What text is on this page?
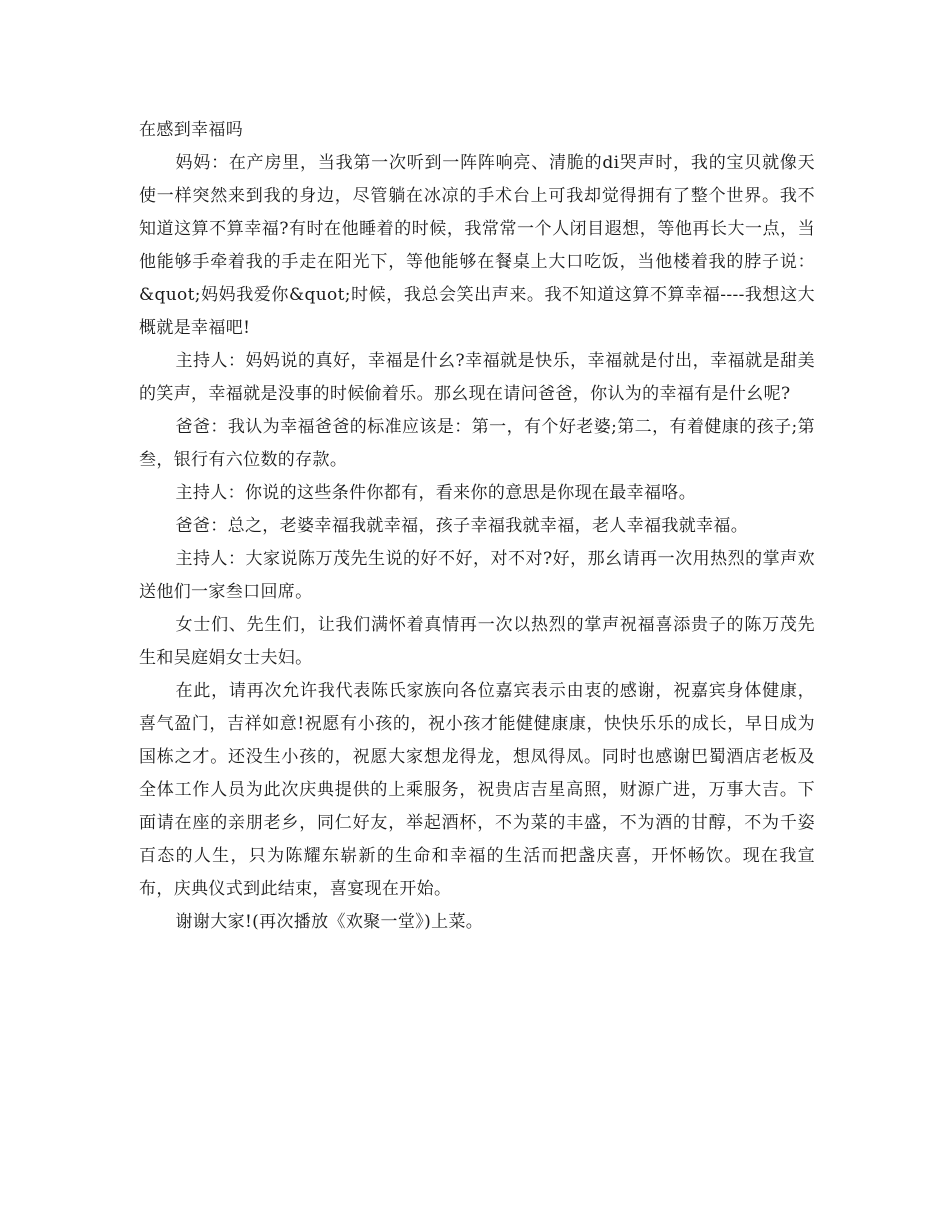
在感到幸福吗

妈妈：在产房里，当我第一次听到一阵阵响亮、清脆的di哭声时，我的宝贝就像天使一样突然来到我的身边，尽管躺在冰凉的手术台上可我却觉得拥有了整个世界。我不知道这算不算幸福?有时在他睡着的时候，我常常一个人闭目遐想，等他再长大一点，当他能够手牵着我的手走在阳光下，等他能够在餐桌上大口吃饭，当他楼着我的脖子说：&quot;妈妈我爱你&quot;时候，我总会笑出声来。我不知道这算不算幸福----我想这大概就是幸福吧!

主持人：妈妈说的真好，幸福是什幺?幸福就是快乐，幸福就是付出，幸福就是甜美的笑声，幸福就是没事的时候偷着乐。那幺现在请问爸爸，你认为的幸福有是什幺呢?

爸爸：我认为幸福爸爸的标准应该是：第一，有个好老婆;第二，有着健康的孩子;第叁，银行有六位数的存款。

主持人：你说的这些条件你都有，看来你的意思是你现在最幸福咯。

爸爸：总之，老婆幸福我就幸福，孩子幸福我就幸福，老人幸福我就幸福。

主持人：大家说陈万茂先生说的好不好，对不对?好，那幺请再一次用热烈的掌声欢送他们一家叁口回席。

女士们、先生们，让我们满怀着真情再一次以热烈的掌声祝福喜添贵子的陈万茂先生和吴庭娟女士夫妇。

在此，请再次允许我代表陈氏家族向各位嘉宾表示由衷的感谢，祝嘉宾身体健康，喜气盈门，吉祥如意!祝愿有小孩的，祝小孩才能健健康康，快快乐乐的成长，早日成为国栋之才。还没生小孩的，祝愿大家想龙得龙，想凤得凤。同时也感谢巴蜀酒店老板及全体工作人员为此次庆典提供的上乘服务，祝贵店吉星高照，财源广进，万事大吉。下面请在座的亲朋老乡，同仁好友，举起酒杯，不为菜的丰盛，不为酒的甘醇，不为千姿百态的人生，只为陈耀东崭新的生命和幸福的生活而把盏庆喜，开怀畅饮。现在我宣布，庆典仪式到此结束，喜宴现在开始。

谢谢大家!(再次播放《欢聚一堂》)上菜。
